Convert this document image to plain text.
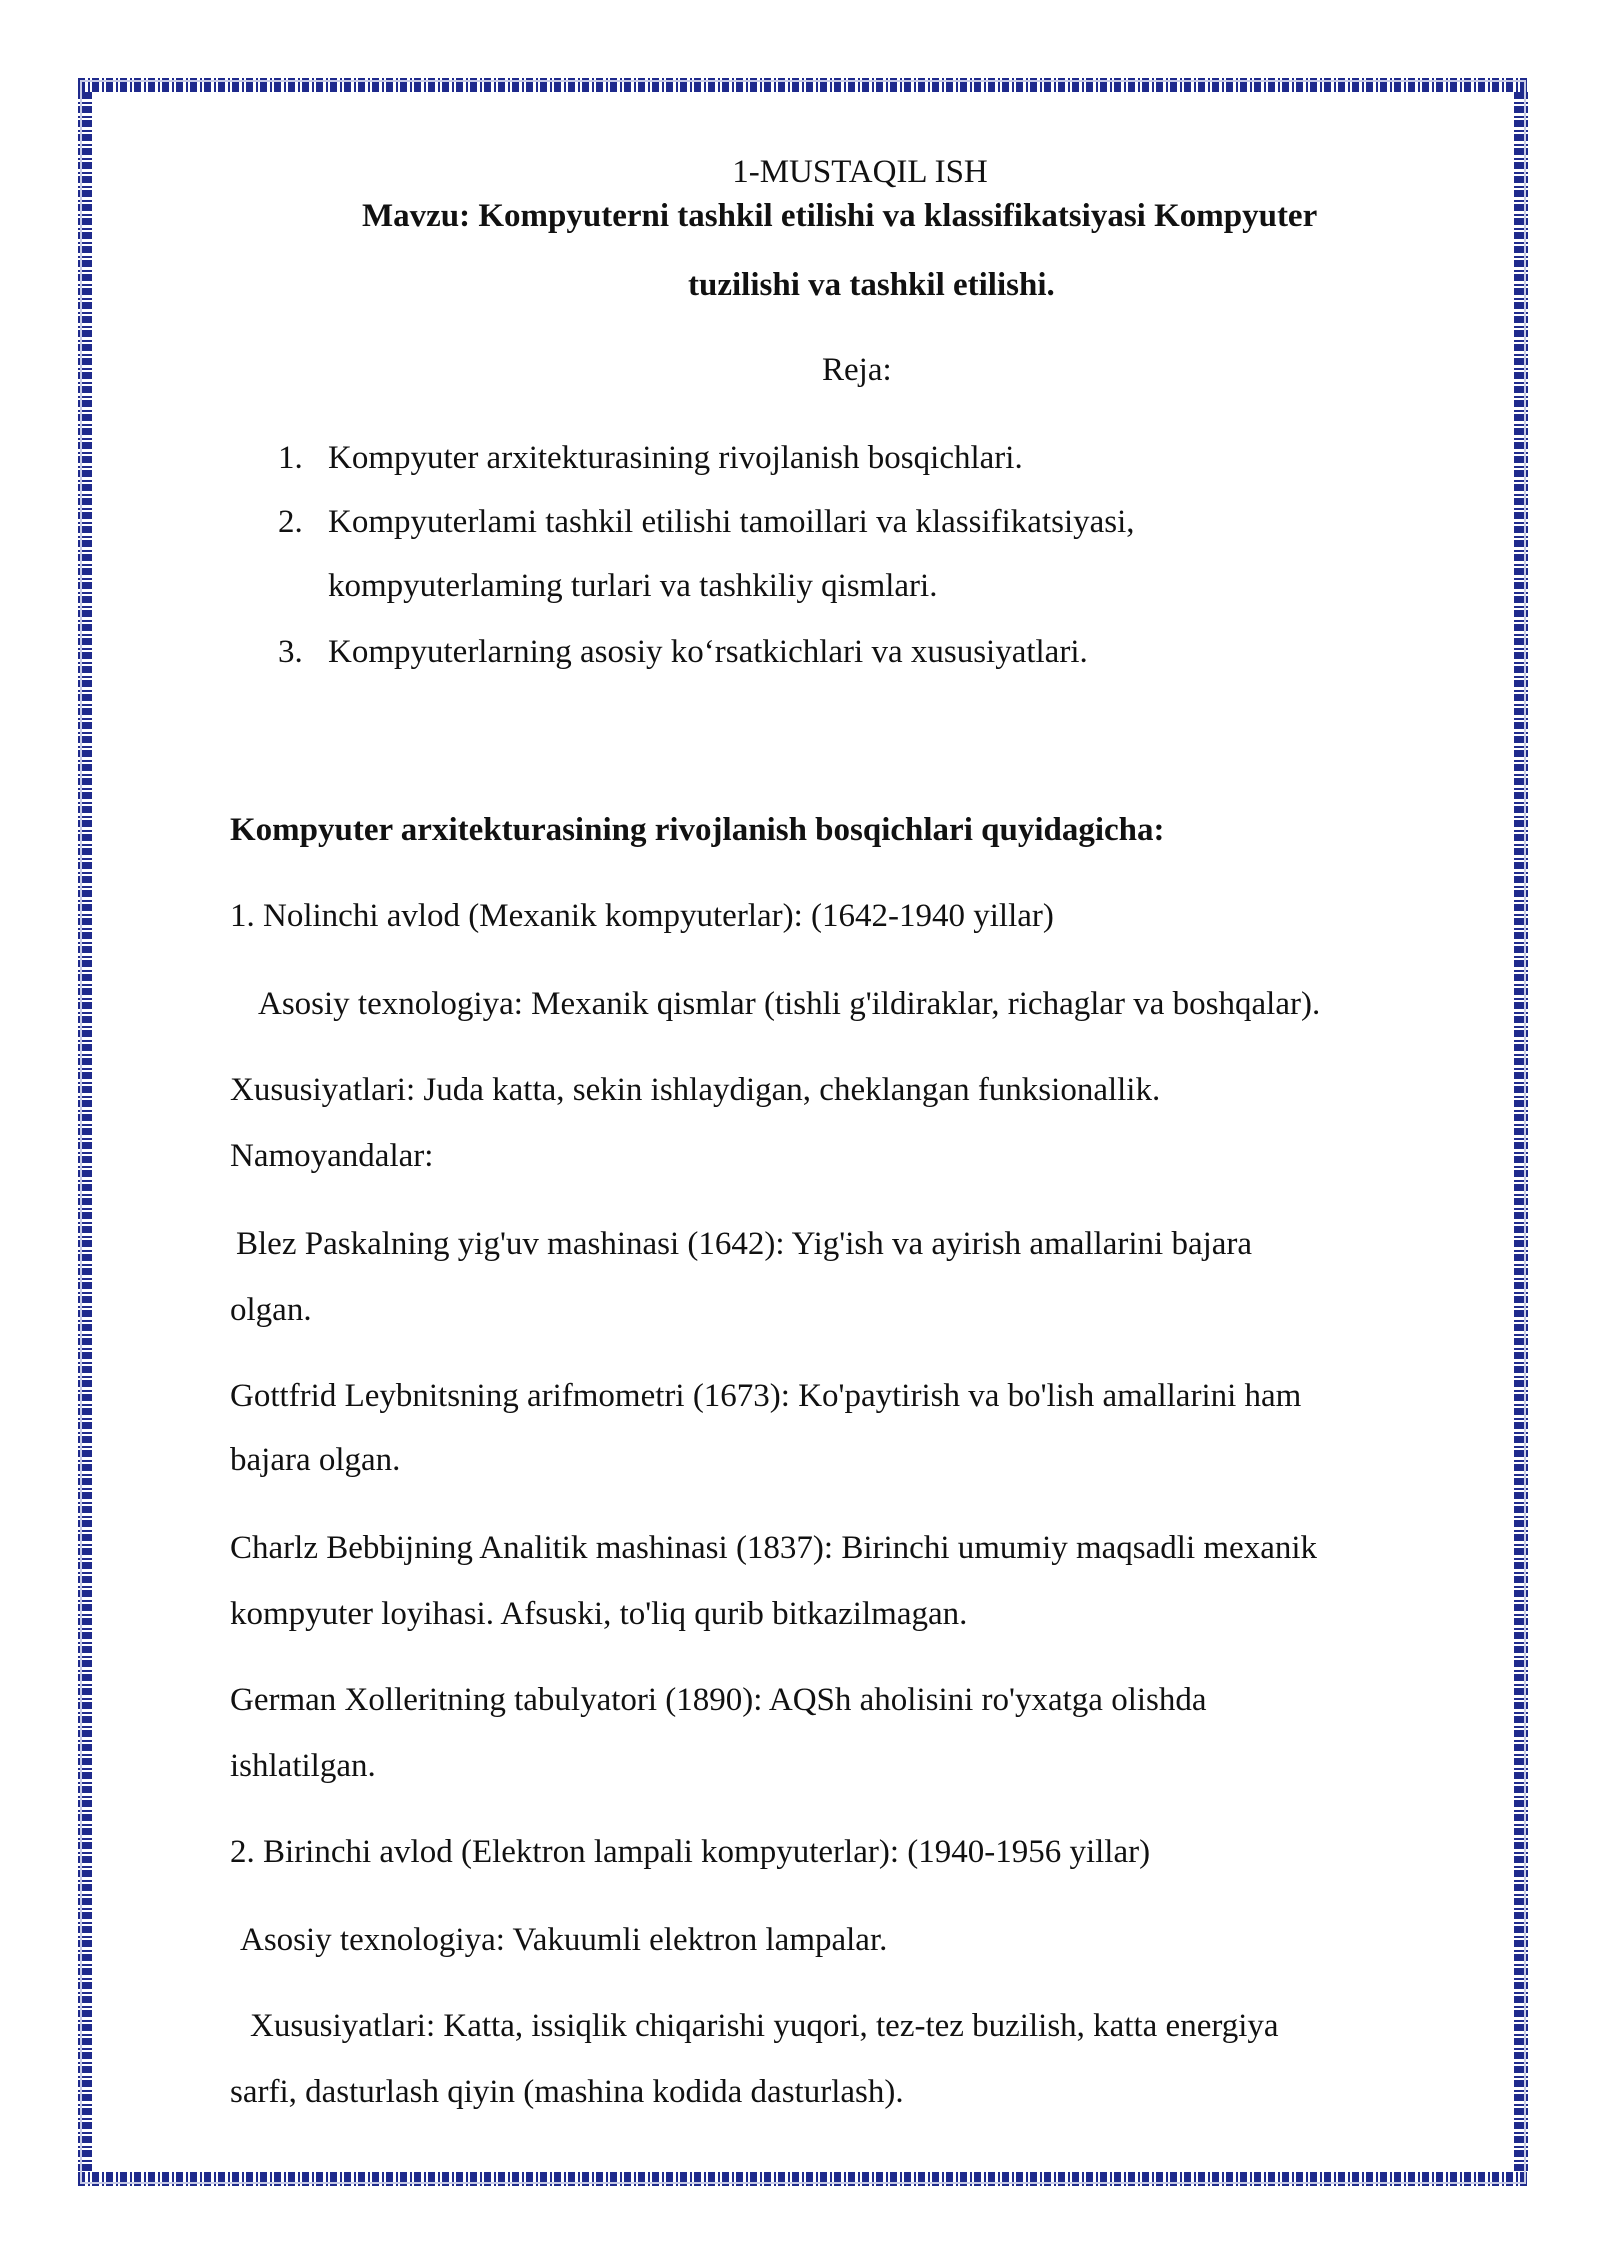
1-MUSTAQIL ISH
Mavzu: Kompyuterni tashkil etilishi va klassifikatsiyasi Kompyuter
tuzilishi va tashkil etilishi.
Reja:
1. Kompyuter arxitekturasining rivojlanish bosqichlari.
2. Kompyuterlami tashkil etilishi tamoillari va klassifikatsiyasi,
kompyuterlaming turlari va tashkiliy qismlari.
3. Kompyuterlarning asosiy ko‘rsatkichlari va xususiyatlari.
Kompyuter arxitekturasining rivojlanish bosqichlari quyidagicha:
1. Nolinchi avlod (Mexanik kompyuterlar): (1642-1940 yillar)
Asosiy texnologiya: Mexanik qismlar (tishli g'ildiraklar, richaglar va boshqalar).
Xususiyatlari: Juda katta, sekin ishlaydigan, cheklangan funksionallik.
Namoyandalar:
Blez Paskalning yig'uv mashinasi (1642): Yig'ish va ayirish amallarini bajara
olgan.
Gottfrid Leybnitsning arifmometri (1673): Ko'paytirish va bo'lish amallarini ham
bajara olgan.
Charlz Bebbijning Analitik mashinasi (1837): Birinchi umumiy maqsadli mexanik
kompyuter loyihasi. Afsuski, to'liq qurib bitkazilmagan.
German Xolleritning tabulyatori (1890): AQSh aholisini ro'yxatga olishda
ishlatilgan.
2. Birinchi avlod (Elektron lampali kompyuterlar): (1940-1956 yillar)
Asosiy texnologiya: Vakuumli elektron lampalar.
Xususiyatlari: Katta, issiqlik chiqarishi yuqori, tez-tez buzilish, katta energiya
sarfi, dasturlash qiyin (mashina kodida dasturlash).
